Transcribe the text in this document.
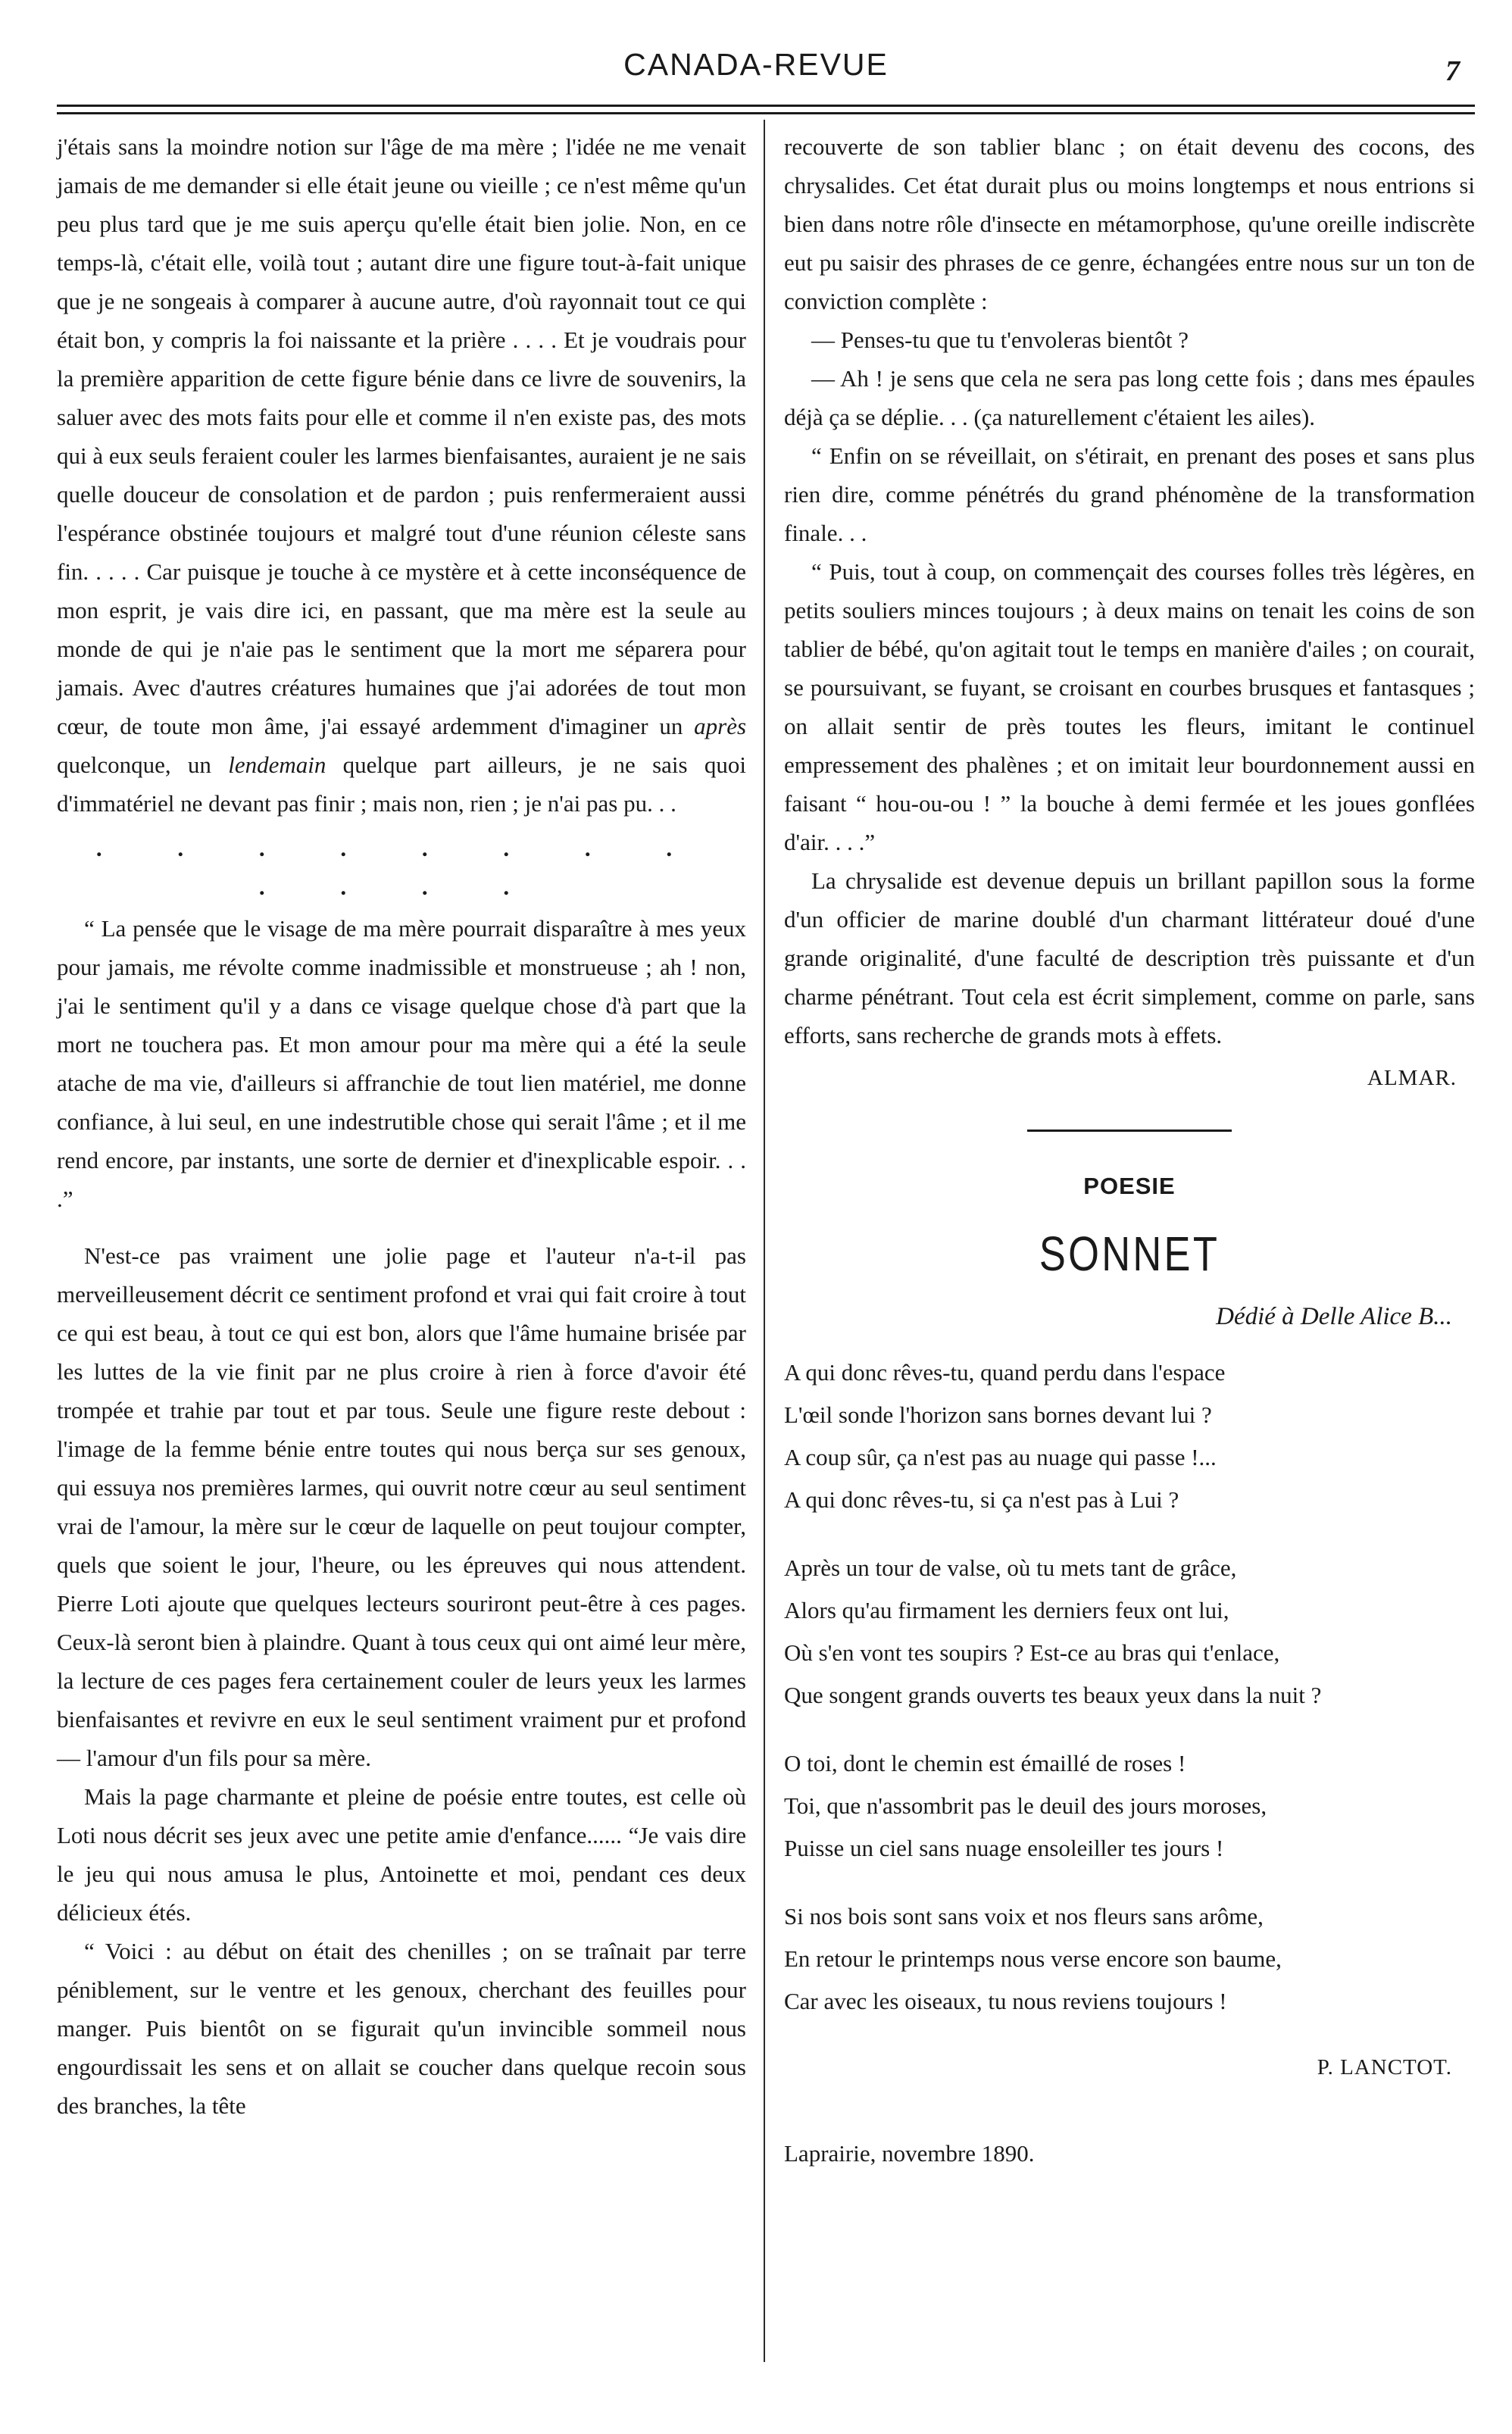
CANADA-REVUE	7

j'étais sans la moindre notion sur l'âge de ma mère ; l'idée ne me venait jamais de me demander si elle était jeune ou vieille ; ce n'est même qu'un peu plus tard que je me suis aperçu qu'elle était bien jolie. Non, en ce temps-là, c'était elle, voilà tout ; autant dire une figure tout-à-fait unique que je ne songeais à comparer à aucune autre, d'où rayonnait tout ce qui était bon, y compris la foi naissante et la prière . . . . Et je voudrais pour la première apparition de cette figure bénie dans ce livre de souvenirs, la saluer avec des mots faits pour elle et comme il n'en existe pas, des mots qui à eux seuls feraient couler les larmes bienfaisantes, auraient je ne sais quelle douceur de consolation et de pardon ; puis renfermeraient aussi l'espérance obstinée toujours et malgré tout d'une réunion céleste sans fin. . . . . Car puisque je touche à ce mystère et à cette inconséquence de mon esprit, je vais dire ici, en passant, que ma mère est la seule au monde de qui je n'aie pas le sentiment que la mort me séparera pour jamais. Avec d'autres créatures humaines que j'ai adorées de tout mon cœur, de toute mon âme, j'ai essayé ardemment d'imaginer un après quelconque, un lendemain quelque part ailleurs, je ne sais quoi d'immatériel ne devant pas finir ; mais non, rien ; je n'ai pas pu. . .

. . . . . . . . . . . .

“ La pensée que le visage de ma mère pourrait disparaître à mes yeux pour jamais, me révolte comme inadmissible et monstrueuse ; ah ! non, j'ai le sentiment qu'il y a dans ce visage quelque chose d'à part que la mort ne touchera pas. Et mon amour pour ma mère qui a été la seule atache de ma vie, d'ailleurs si affranchie de tout lien matériel, me donne confiance, à lui seul, en une indestrutible chose qui serait l'âme ; et il me rend encore, par instants, une sorte de dernier et d'inexplicable espoir. . . .”

N'est-ce pas vraiment une jolie page et l'auteur n'a-t-il pas merveilleusement décrit ce sentiment profond et vrai qui fait croire à tout ce qui est beau, à tout ce qui est bon, alors que l'âme humaine brisée par les luttes de la vie finit par ne plus croire à rien à force d'avoir été trompée et trahie par tout et par tous. Seule une figure reste debout : l'image de la femme bénie entre toutes qui nous berça sur ses genoux, qui essuya nos premières larmes, qui ouvrit notre cœur au seul sentiment vrai de l'amour, la mère sur le cœur de laquelle on peut toujour compter, quels que soient le jour, l'heure, ou les épreuves qui nous attendent. Pierre Loti ajoute que quelques lecteurs souriront peut-être à ces pages. Ceux-là seront bien à plaindre. Quant à tous ceux qui ont aimé leur mère, la lecture de ces pages fera certainement couler de leurs yeux les larmes bienfaisantes et revivre en eux le seul sentiment vraiment pur et profond — l'amour d'un fils pour sa mère.

Mais la page charmante et pleine de poésie entre toutes, est celle où Loti nous décrit ses jeux avec une petite amie d'enfance...... “Je vais dire le jeu qui nous amusa le plus, Antoinette et moi, pendant ces deux délicieux étés.

“ Voici : au début on était des chenilles ; on se traînait par terre péniblement, sur le ventre et les genoux, cherchant des feuilles pour manger. Puis bientôt on se figurait qu'un invincible sommeil nous engourdissait les sens et on allait se coucher dans quelque recoin sous des branches, la tête

recouverte de son tablier blanc ; on était devenu des cocons, des chrysalides. Cet état durait plus ou moins longtemps et nous entrions si bien dans notre rôle d'insecte en métamorphose, qu'une oreille indiscrète eut pu saisir des phrases de ce genre, échangées entre nous sur un ton de conviction complète :

— Penses-tu que tu t'envoleras bientôt ?

— Ah ! je sens que cela ne sera pas long cette fois ; dans mes épaules déjà ça se déplie. . . (ça naturellement c'étaient les ailes).

“ Enfin on se réveillait, on s'étirait, en prenant des poses et sans plus rien dire, comme pénétrés du grand phénomène de la transformation finale. . .

“ Puis, tout à coup, on commençait des courses folles très légères, en petits souliers minces toujours ; à deux mains on tenait les coins de son tablier de bébé, qu'on agitait tout le temps en manière d'ailes ; on courait, se poursuivant, se fuyant, se croisant en courbes brusques et fantasques ; on allait sentir de près toutes les fleurs, imitant le continuel empressement des phalènes ; et on imitait leur bourdonnement aussi en faisant “ hou-ou-ou ! ” la bouche à demi fermée et les joues gonflées d'air. . . .”

La chrysalide est devenue depuis un brillant papillon sous la forme d'un officier de marine doublé d'un charmant littérateur doué d'une grande originalité, d'une faculté de description très puissante et d'un charme pénétrant. Tout cela est écrit simplement, comme on parle, sans efforts, sans recherche de grands mots à effets.

ALMAR.
POESIE
SONNET
Dédié à Delle Alice B...
A qui donc rêves-tu, quand perdu dans l'espace
L'œil sonde l'horizon sans bornes devant lui ?
A coup sûr, ça n'est pas au nuage qui passe !...
A qui donc rêves-tu, si ça n'est pas à Lui ?
Après un tour de valse, où tu mets tant de grâce,
Alors qu'au firmament les derniers feux ont lui,
Où s'en vont tes soupirs ? Est-ce au bras qui t'enlace,
Que songent grands ouverts tes beaux yeux dans la nuit ?
O toi, dont le chemin est émaillé de roses !
Toi, que n'assombrit pas le deuil des jours moroses,
Puisse un ciel sans nuage ensoleiller tes jours !
Si nos bois sont sans voix et nos fleurs sans arôme,
En retour le printemps nous verse encore son baume,
Car avec les oiseaux, tu nous reviens toujours !
P. LANCTOT.
Laprairie, novembre 1890.
